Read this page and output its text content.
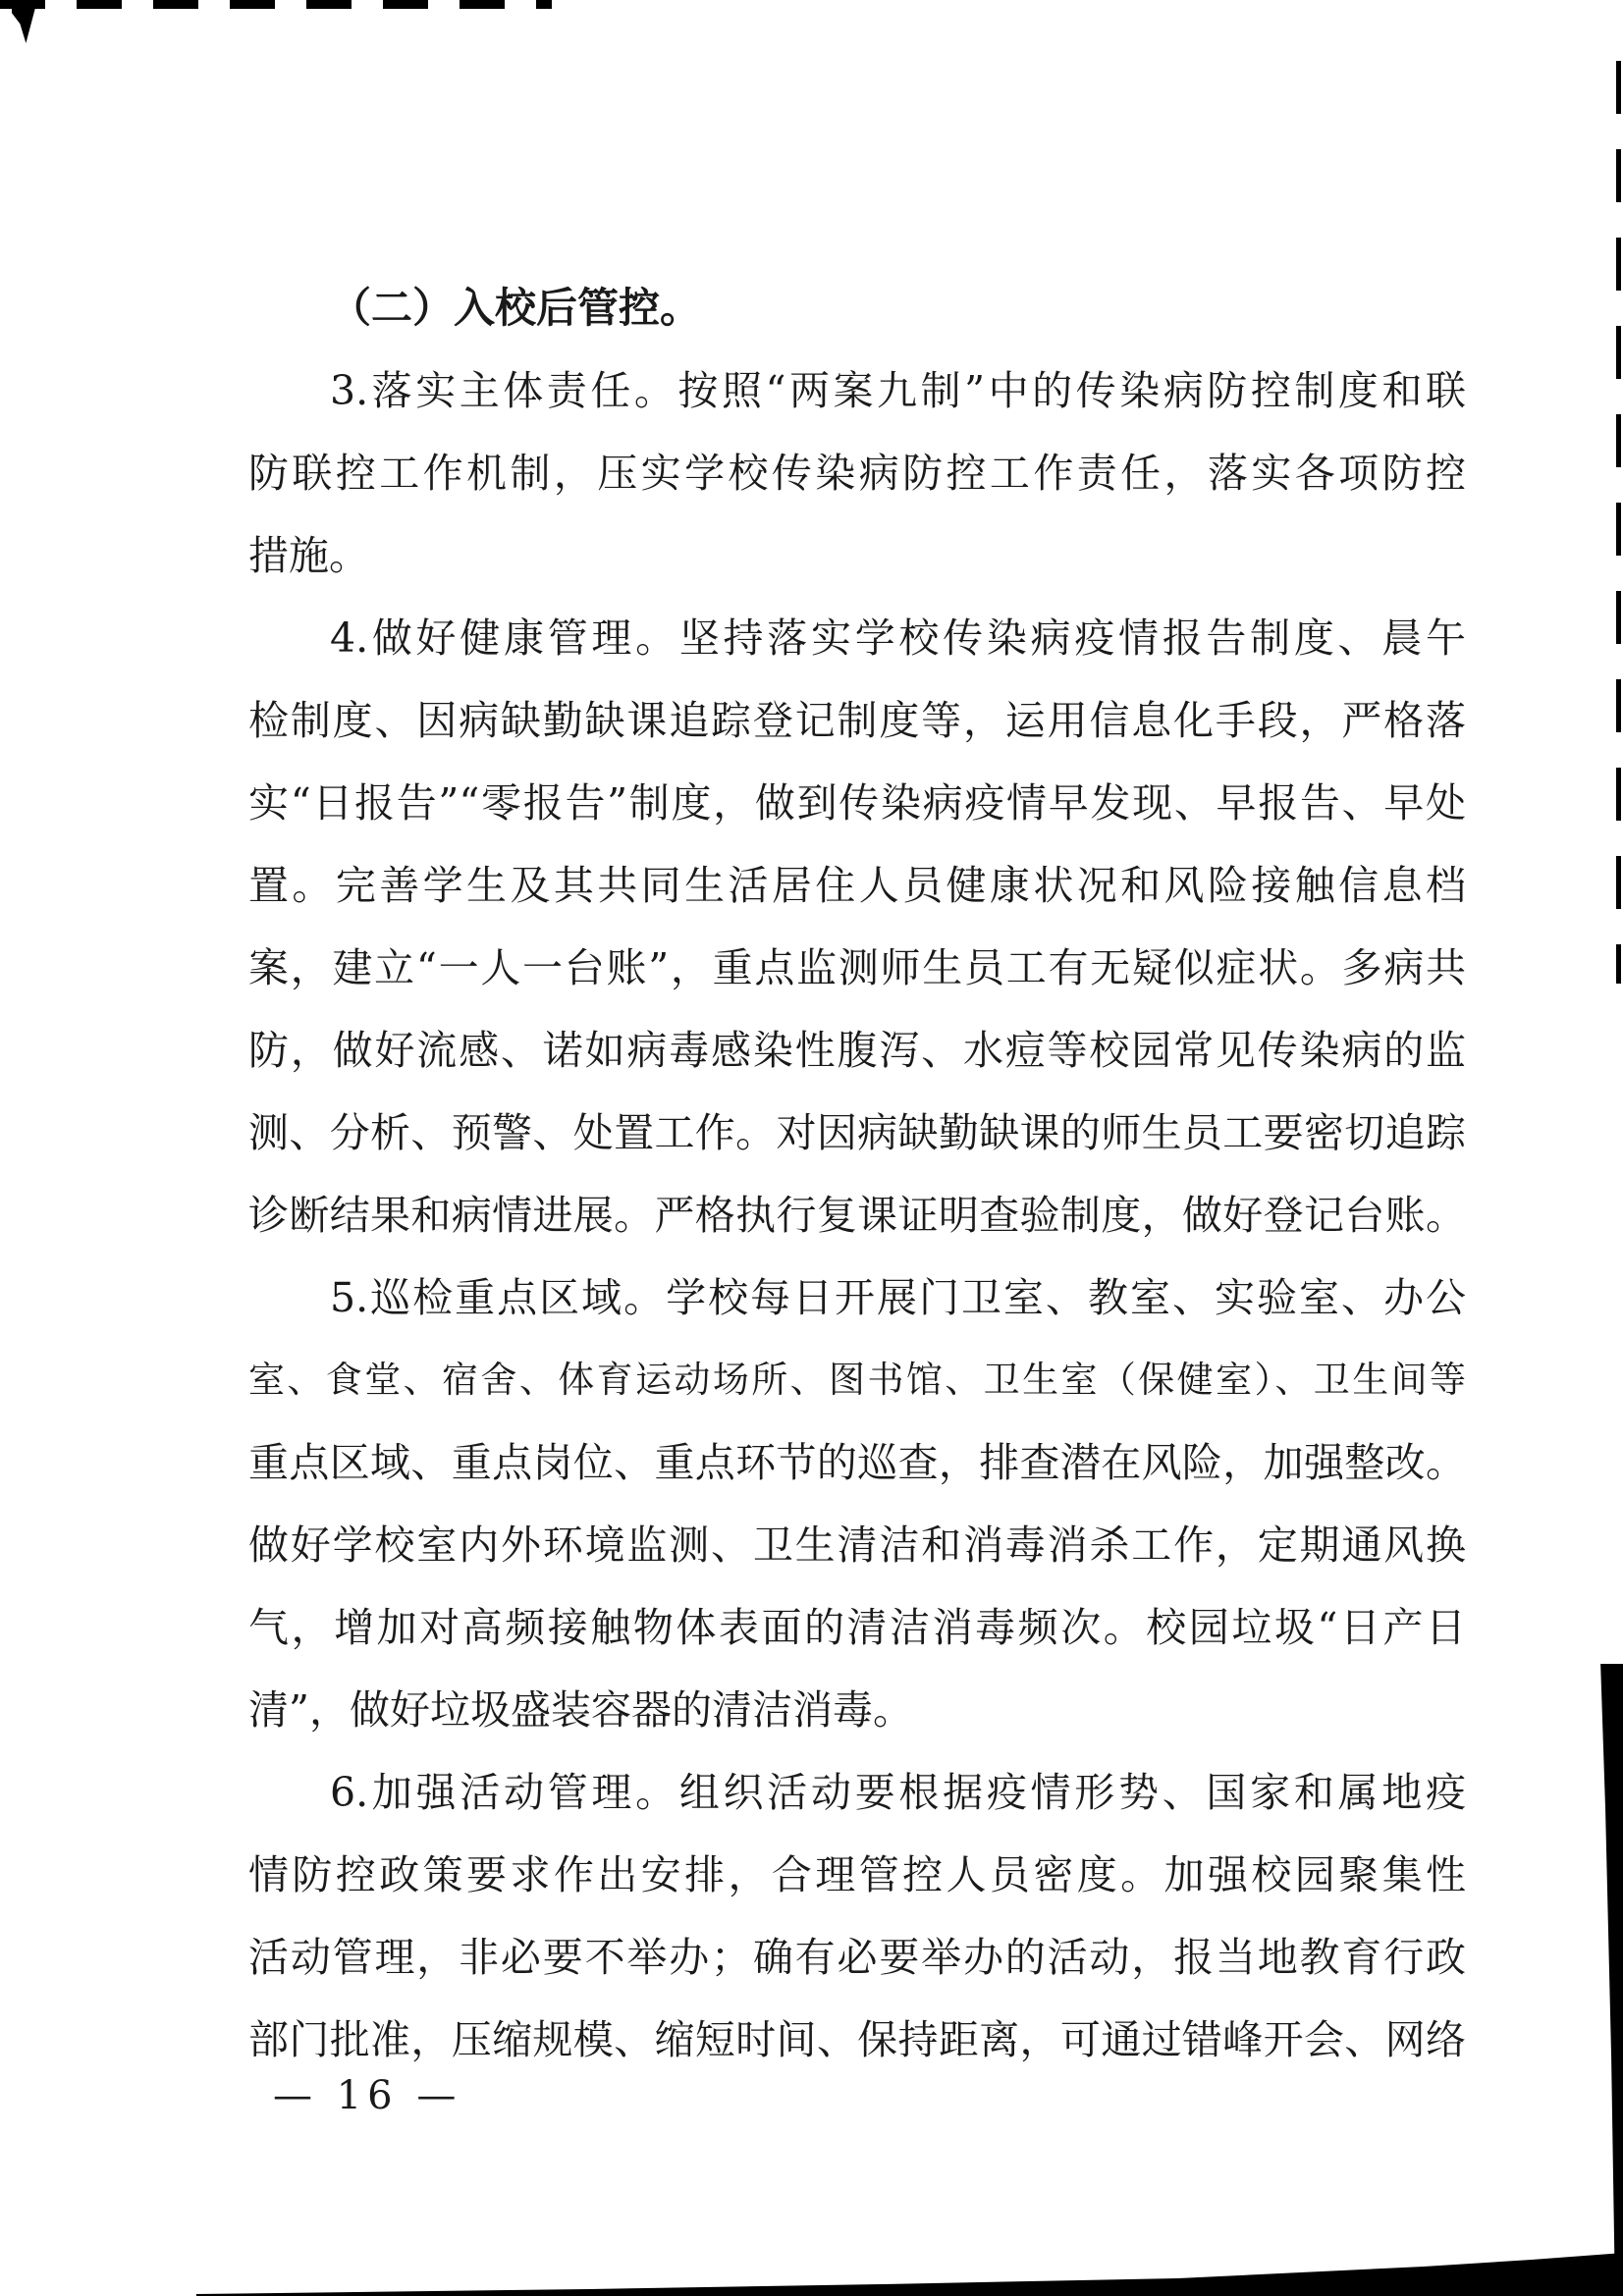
（二）入校后管控。
3.落实主体责任。按照“两案九制”中的传染病防控制度和联
防联控工作机制，压实学校传染病防控工作责任，落实各项防控
措施。
4.做好健康管理。坚持落实学校传染病疫情报告制度、晨午
检制度、因病缺勤缺课追踪登记制度等，运用信息化手段，严格落
实“日报告”“零报告”制度，做到传染病疫情早发现、早报告、早处
置。完善学生及其共同生活居住人员健康状况和风险接触信息档
案，建立“一人一台账”，重点监测师生员工有无疑似症状。多病共
防，做好流感、诺如病毒感染性腹泻、水痘等校园常见传染病的监
测、分析、预警、处置工作。对因病缺勤缺课的师生员工要密切追踪
诊断结果和病情进展。严格执行复课证明查验制度，做好登记台账。
5.巡检重点区域。学校每日开展门卫室、教室、实验室、办公
室、食堂、宿舍、体育运动场所、图书馆、卫生室（保健室）、卫生间等
重点区域、重点岗位、重点环节的巡查，排查潜在风险，加强整改。
做好学校室内外环境监测、卫生清洁和消毒消杀工作，定期通风换
气，增加对高频接触物体表面的清洁消毒频次。校园垃圾“日产日
清”，做好垃圾盛装容器的清洁消毒。
6.加强活动管理。组织活动要根据疫情形势、国家和属地疫
情防控政策要求作出安排，合理管控人员密度。加强校园聚集性
活动管理，非必要不举办；确有必要举办的活动，报当地教育行政
部门批准，压缩规模、缩短时间、保持距离，可通过错峰开会、网络
— 16 —
